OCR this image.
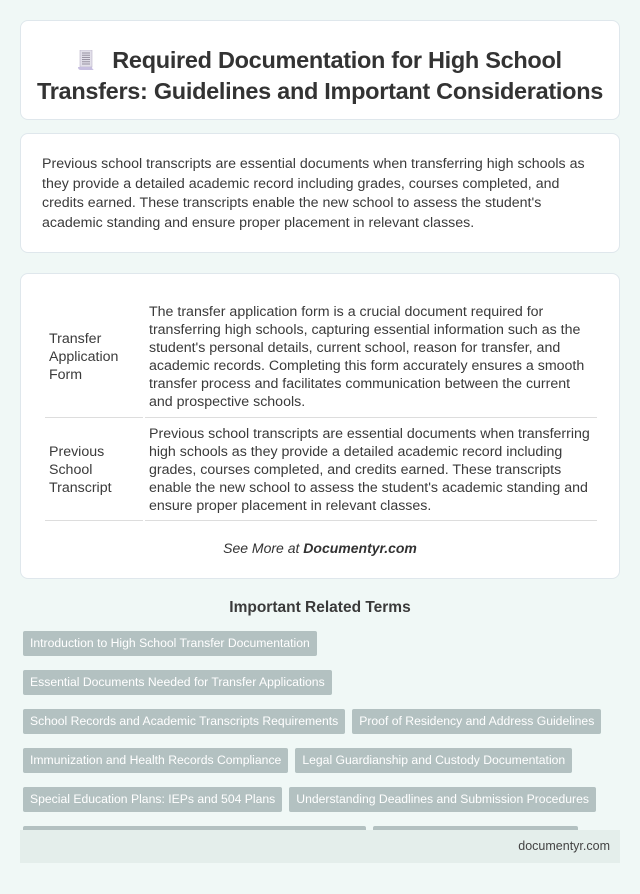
Required Documentation for High School Transfers: Guidelines and Important Considerations

Previous school transcripts are essential documents when transferring high schools as they provide a detailed academic record including grades, courses completed, and credits earned. These transcripts enable the new school to assess the student's academic standing and ensure proper placement in relevant classes.

Transfer Application Form	The transfer application form is a crucial document required for transferring high schools, capturing essential information such as the student's personal details, current school, reason for transfer, and academic records. Completing this form accurately ensures a smooth transfer process and facilitates communication between the current and prospective schools.
Previous School Transcript	Previous school transcripts are essential documents when transferring high schools as they provide a detailed academic record including grades, courses completed, and credits earned. These transcripts enable the new school to assess the student's academic standing and ensure proper placement in relevant classes.
See More at Documentyr.com
Important Related Terms
Introduction to High School Transfer Documentation
Essential Documents Needed for Transfer Applications
School Records and Academic Transcripts Requirements	Proof of Residency and Address Guidelines
Immunization and Health Records Compliance	Legal Guardianship and Custody Documentation
Special Education Plans: IEPs and 504 Plans	Understanding Deadlines and Submission Procedures
documentyr.com
